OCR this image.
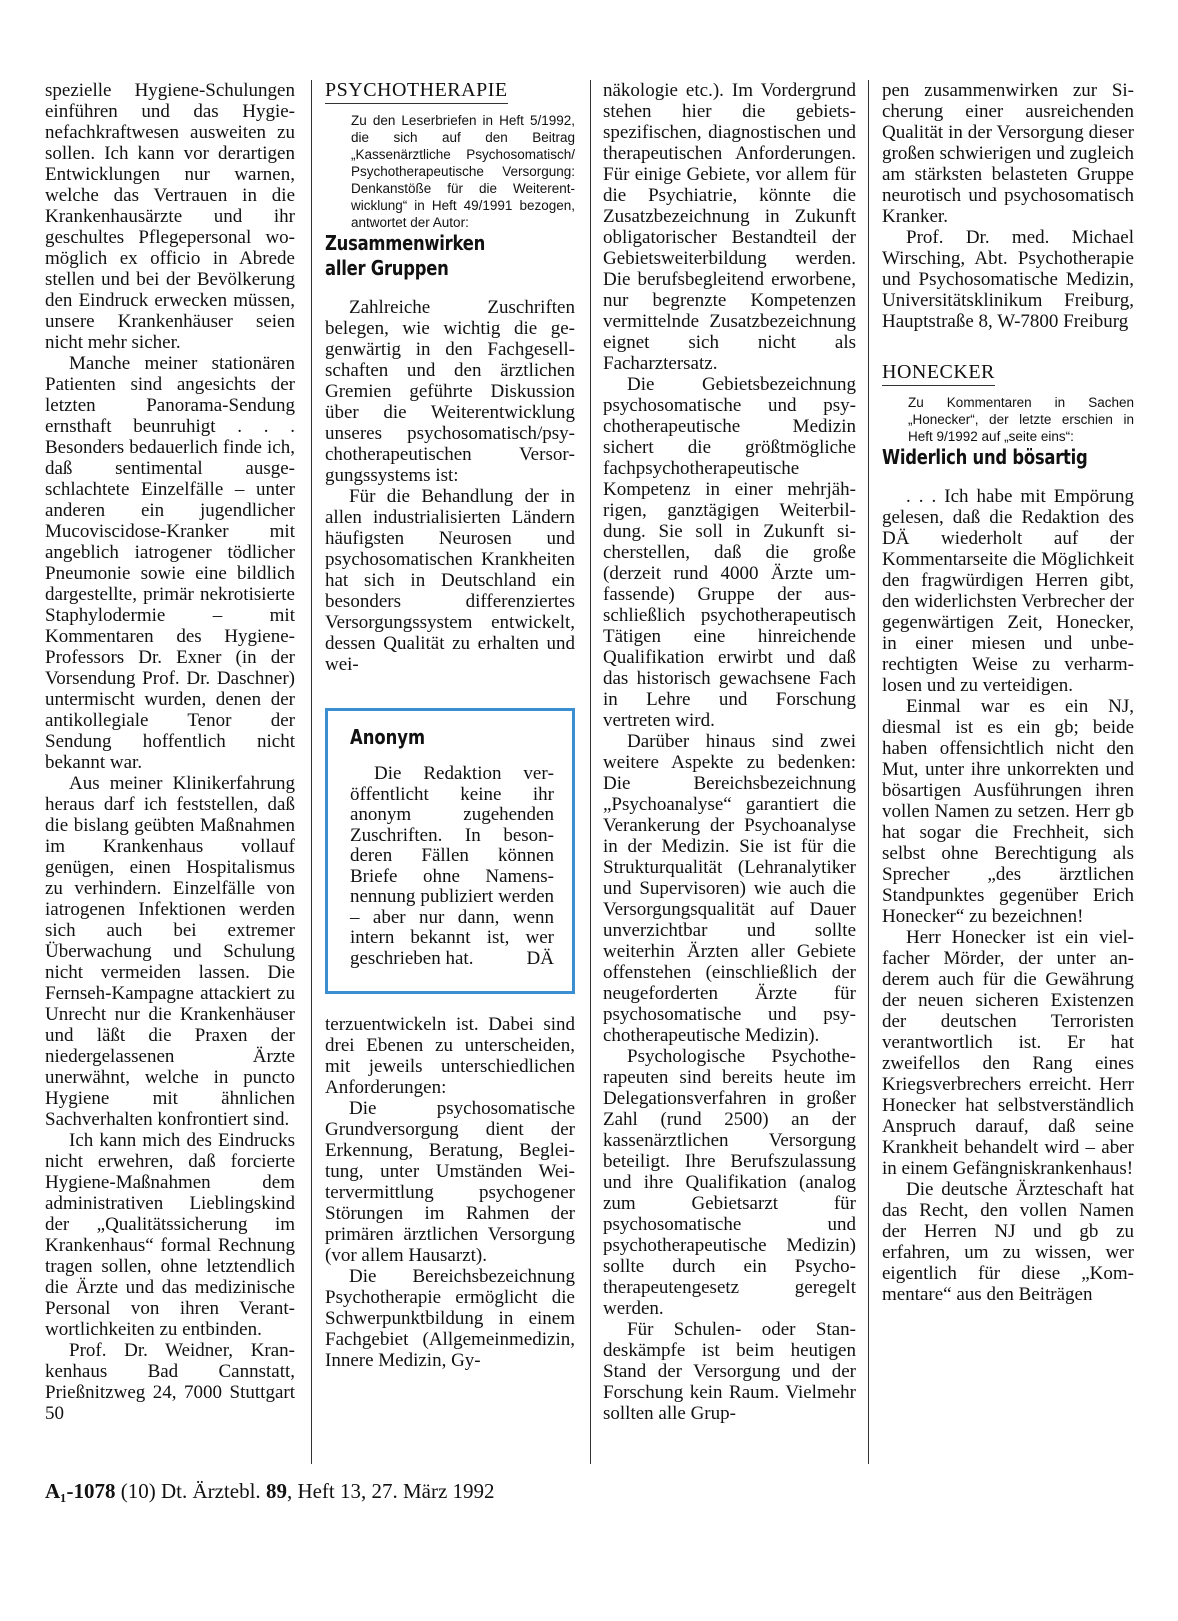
spezielle Hygiene-Schulungen einführen und das Hygienefachkraftwesen ausweiten zu sollen. Ich kann vor derartigen Entwicklungen nur warnen, welche das Vertrauen in die Krankenhausärzte und ihr geschultes Pflegepersonal womöglich ex officio in Abrede stellen und bei der Bevölkerung den Eindruck erwecken müssen, unsere Krankenhäuser seien nicht mehr sicher.

Manche meiner stationären Patienten sind angesichts der letzten Panorama-Sendung ernsthaft beunruhigt . . . Besonders bedauerlich finde ich, daß sentimental ausgeschlachtete Einzelfälle – unter anderen ein jugendlicher Mucoviscidose-Kranker mit angeblich iatrogener tödlicher Pneumonie sowie eine bildlich dargestellte, primär nekrotisierte Staphylodermie – mit Kommentaren des Hygiene-Professors Dr. Exner (in der Vorsendung Prof. Dr. Daschner) untermischt wurden, denen der antikollegiale Tenor der Sendung hoffentlich nicht bekannt war.

Aus meiner Klinikerfahrung heraus darf ich feststellen, daß die bislang geübten Maßnahmen im Krankenhaus vollauf genügen, einen Hospitalismus zu verhindern. Einzelfälle von iatrogenen Infektionen werden sich auch bei extremer Überwachung und Schulung nicht vermeiden lassen. Die Fernseh-Kampagne attackiert zu Unrecht nur die Krankenhäuser und läßt die Praxen der niedergelassenen Ärzte unerwähnt, welche in puncto Hygiene mit ähnlichen Sachverhalten konfrontiert sind.

Ich kann mich des Eindrucks nicht erwehren, daß forcierte Hygiene-Maßnahmen dem administrativen Lieblingskind der „Qualitätssicherung im Krankenhaus“ formal Rechnung tragen sollen, ohne letztendlich die Ärzte und das medizinische Personal von ihren Verantwortlichkeiten zu entbinden.

Prof. Dr. Weidner, Krankenhaus Bad Cannstatt, Prießnitzweg 24, 7000 Stuttgart 50

PSYCHOTHERAPIE

Zu den Leserbriefen in Heft 5/1992, die sich auf den Beitrag „Kassenärztliche Psychosomatisch/ Psychotherapeutische Versorgung: Denkanstöße für die Weiterentwicklung“ in Heft 49/1991 bezogen, antwortet der Autor:

Zusammenwirken aller Gruppen

Zahlreiche Zuschriften belegen, wie wichtig die gegenwärtig in den Fachgesellschaften und den ärztlichen Gremien geführte Diskussion über die Weiterentwicklung unseres psychosomatisch/psychotherapeutischen Versorgungssystems ist:

Für die Behandlung der in allen industrialisierten Ländern häufigsten Neurosen und psychosomatischen Krankheiten hat sich in Deutschland ein besonders differenziertes Versorgungssystem entwickelt, dessen Qualität zu erhalten und wei-

Anonym

Die Redaktion veröffentlicht keine ihr anonym zugehenden Zuschriften. In besonderen Fällen können Briefe ohne Namensnennung publiziert werden – aber nur dann, wenn intern bekannt ist, wer geschrieben hat.	DÄ

terzuentwickeln ist. Dabei sind drei Ebenen zu unterscheiden, mit jeweils unterschiedlichen Anforderungen:

Die psychosomatische Grundversorgung dient der Erkennung, Beratung, Begleitung, unter Umständen Weitervermittlung psychogener Störungen im Rahmen der primären ärztlichen Versorgung (vor allem Hausarzt).

Die Bereichsbezeichnung Psychotherapie ermöglicht die Schwerpunktbildung in einem Fachgebiet (Allgemeinmedizin, Innere Medizin, Gy-

näkologie etc.). Im Vordergrund stehen hier die gebietsspezifischen, diagnostischen und therapeutischen Anforderungen. Für einige Gebiete, vor allem für die Psychiatrie, könnte die Zusatzbezeichnung in Zukunft obligatorischer Bestandteil der Gebietsweiterbildung werden. Die berufsbegleitend erworbene, nur begrenzte Kompetenzen vermittelnde Zusatzbezeichnung eignet sich nicht als Facharztersatz.

Die Gebietsbezeichnung psychosomatische und psychotherapeutische Medizin sichert die größtmögliche fachpsychotherapeutische Kompetenz in einer mehrjährigen, ganztägigen Weiterbildung. Sie soll in Zukunft sicherstellen, daß die große (derzeit rund 4000 Ärzte umfassende) Gruppe der ausschließlich psychotherapeutisch Tätigen eine hinreichende Qualifikation erwirbt und daß das historisch gewachsene Fach in Lehre und Forschung vertreten wird.

Darüber hinaus sind zwei weitere Aspekte zu bedenken: Die Bereichsbezeichnung „Psychoanalyse“ garantiert die Verankerung der Psychoanalyse in der Medizin. Sie ist für die Strukturqualität (Lehranalytiker und Supervisoren) wie auch die Versorgungsqualität auf Dauer unverzichtbar und sollte weiterhin Ärzten aller Gebiete offenstehen (einschließlich der neugeforderten Ärzte für psychosomatische und psychotherapeutische Medizin).

Psychologische Psychotherapeuten sind bereits heute im Delegationsverfahren in großer Zahl (rund 2500) an der kassenärztlichen Versorgung beteiligt. Ihre Berufszulassung und ihre Qualifikation (analog zum Gebietsarzt für psychosomatische und psychotherapeutische Medizin) sollte durch ein Psychotherapeutengesetz geregelt werden.

Für Schulen- oder Standeskämpfe ist beim heutigen Stand der Versorgung und der Forschung kein Raum. Vielmehr sollten alle Grup-

pen zusammenwirken zur Sicherung einer ausreichenden Qualität in der Versorgung dieser großen schwierigen und zugleich am stärksten belasteten Gruppe neurotisch und psychosomatisch Kranker.

Prof. Dr. med. Michael Wirsching, Abt. Psychotherapie und Psychosomatische Medizin, Universitätsklinikum Freiburg, Hauptstraße 8, W-7800 Freiburg

HONECKER

Zu Kommentaren in Sachen „Honecker“, der letzte erschien in Heft 9/1992 auf „seite eins“:

Widerlich und bösartig

. . . Ich habe mit Empörung gelesen, daß die Redaktion des DÄ wiederholt auf der Kommentarseite die Möglichkeit den fragwürdigen Herren gibt, den widerlichsten Verbrecher der gegenwärtigen Zeit, Honecker, in einer miesen und unberechtigten Weise zu verharmlosen und zu verteidigen.

Einmal war es ein NJ, diesmal ist es ein gb; beide haben offensichtlich nicht den Mut, unter ihre unkorrekten und bösartigen Ausführungen ihren vollen Namen zu setzen. Herr gb hat sogar die Frechheit, sich selbst ohne Berechtigung als Sprecher „des ärztlichen Standpunktes gegenüber Erich Honecker“ zu bezeichnen!

Herr Honecker ist ein vielfacher Mörder, der unter anderem auch für die Gewährung der neuen sicheren Existenzen der deutschen Terroristen verantwortlich ist. Er hat zweifellos den Rang eines Kriegsverbrechers erreicht. Herr Honecker hat selbstverständlich Anspruch darauf, daß seine Krankheit behandelt wird – aber in einem Gefängniskrankenhaus!

Die deutsche Ärzteschaft hat das Recht, den vollen Namen der Herren NJ und gb zu erfahren, um zu wissen, wer eigentlich für diese „Kommentare“ aus den Beiträgen

A₁-1078 (10) Dt. Ärztebl. 89, Heft 13, 27. März 1992
